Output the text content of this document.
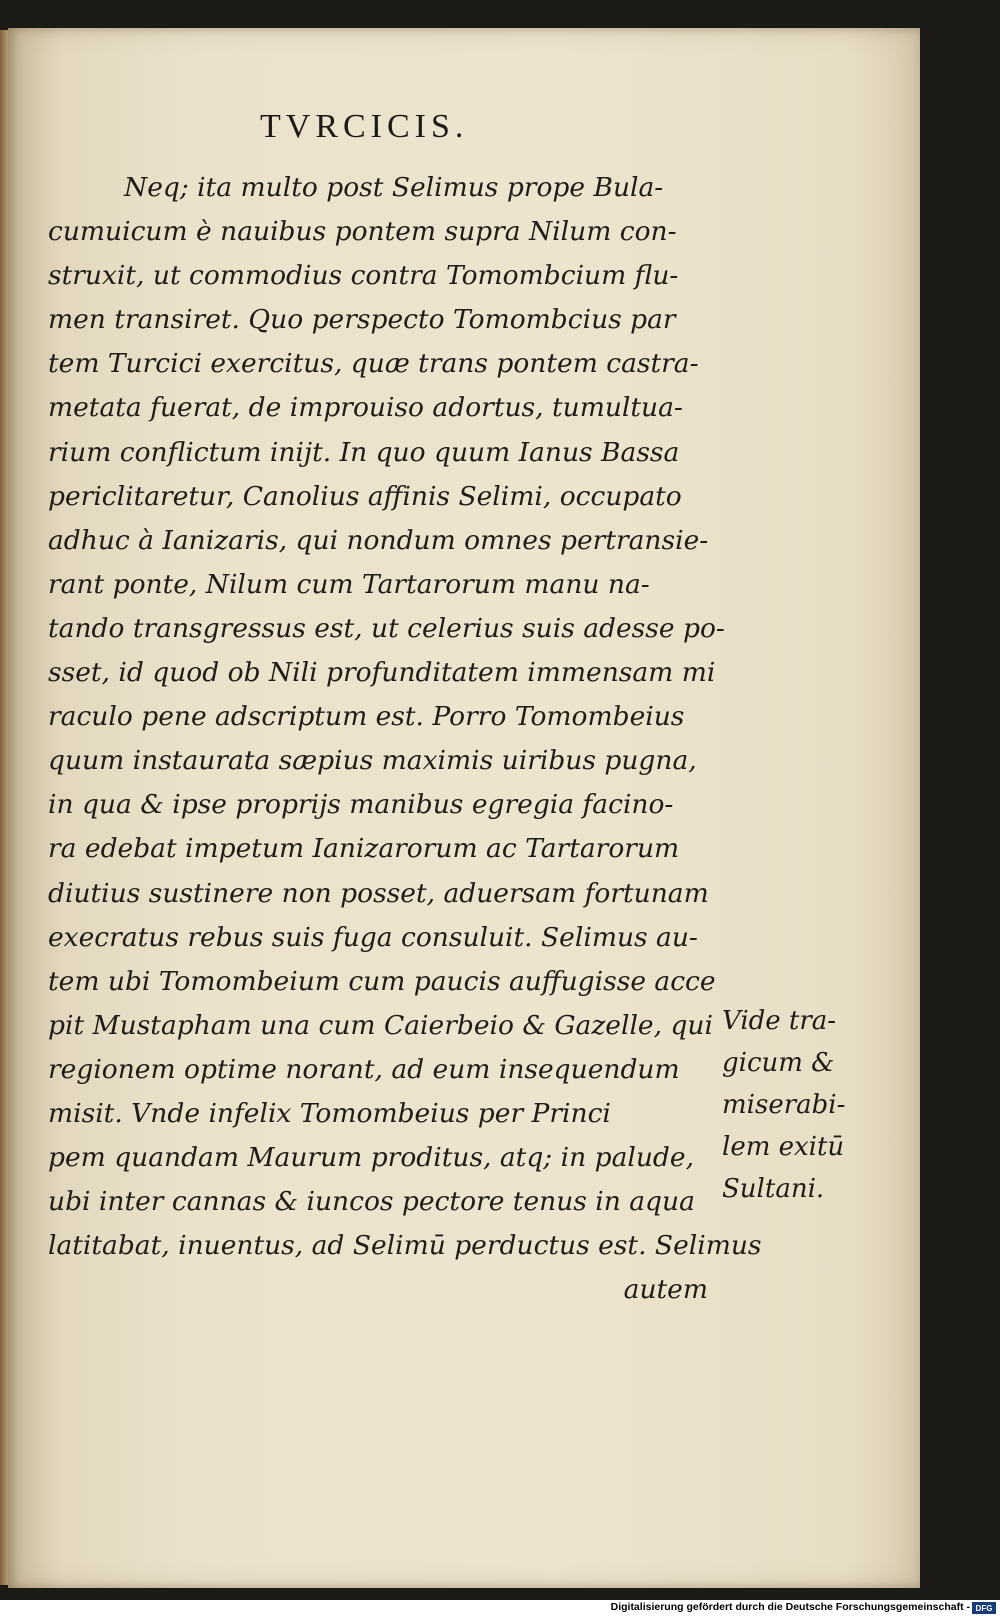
TVRCICIS.
Neq; ita multo post Selimus prope Bula-
cumuicum è nauibus pontem supra Nilum con-
struxit, ut commodius contra Tomombcium flu-
men transiret. Quo perspecto Tomombcius par
tem Turcici exercitus, quæ trans pontem castra-
metata fuerat, de improuiso adortus, tumultua-
rium conflictum inijt. In quo quum Ianus Bassa
periclitaretur, Canolius affinis Selimi, occupato
adhuc à Ianizaris, qui nondum omnes pertransie-
rant ponte, Nilum cum Tartarorum manu na-
tando transgressus est, ut celerius suis adesse po-
sset, id quod ob Nili profunditatem immensam mi
raculo pene adscriptum est. Porro Tomombeius
quum instaurata sæpius maximis uiribus pugna,
in qua & ipse proprijs manibus egregia facino-
ra edebat impetum Ianizarorum ac Tartarorum
diutius sustinere non posset, aduersam fortunam
execratus rebus suis fuga consuluit. Selimus au-
tem ubi Tomombeium cum paucis auffugisse acce
pit Mustapham una cum Caierbeio & Gazelle, qui
regionem optime norant, ad eum insequendum
misit. Vnde infelix Tomombeius per Princi
pem quandam Maurum proditus, atq; in palude,
ubi inter cannas & iuncos pectore tenus in aqua
latitabat, inuentus, ad Selimū perductus est. Selimus
autem
Vide tra-
gicum &
miserabi-
lem exitū
Sultani.
Digitalisierung gefördert durch die Deutsche Forschungsgemeinschaft - DFG
